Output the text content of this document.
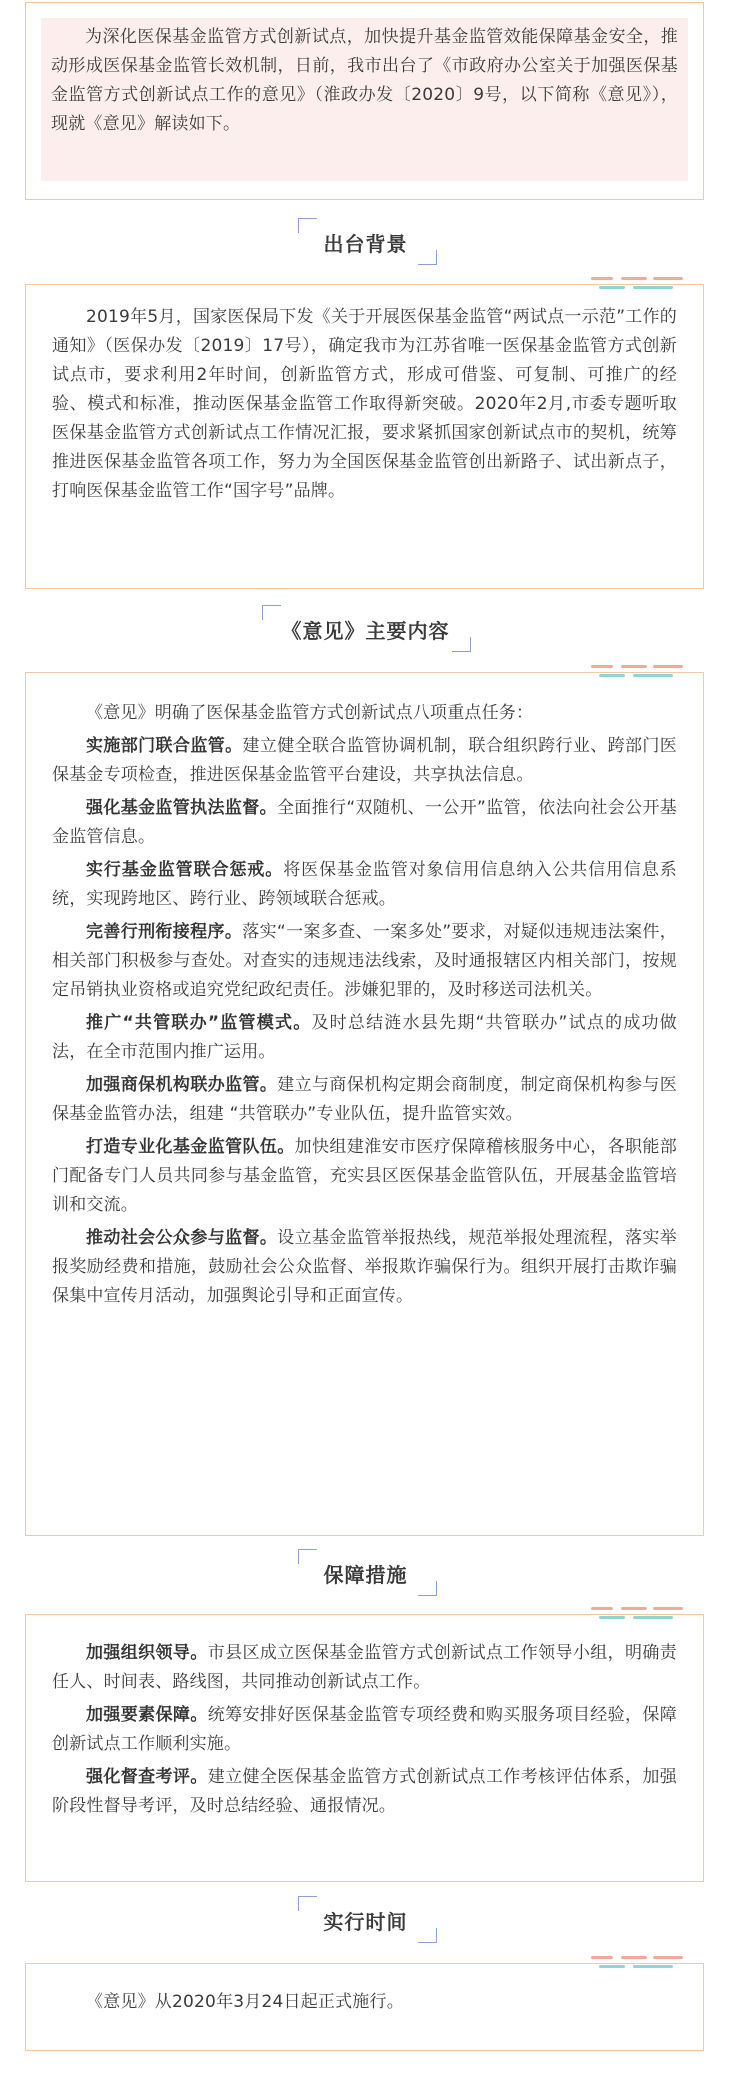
为深化医保基金监管方式创新试点，加快提升基金监管效能保障基金安全，推动形成医保基金监管长效机制，日前，我市出台了《市政府办公室关于加强医保基金监管方式创新试点工作的意见》（淮政办发〔2020〕9号，以下简称《意见》），现就《意见》解读如下。

出台背景

2019年5月，国家医保局下发《关于开展医保基金监管“两试点一示范”工作的通知》（医保办发〔2019〕17号），确定我市为江苏省唯一医保基金监管方式创新试点市，要求利用2年时间，创新监管方式，形成可借鉴、可复制、可推广的经验、模式和标准，推动医保基金监管工作取得新突破。2020年2月,市委专题听取医保基金监管方式创新试点工作情况汇报，要求紧抓国家创新试点市的契机，统筹推进医保基金监管各项工作，努力为全国医保基金监管创出新路子、试出新点子，打响医保基金监管工作“国字号”品牌。

《意见》主要内容

《意见》明确了医保基金监管方式创新试点八项重点任务：

实施部门联合监管。建立健全联合监管协调机制，联合组织跨行业、跨部门医保基金专项检查，推进医保基金监管平台建设，共享执法信息。

强化基金监管执法监督。全面推行“双随机、一公开”监管，依法向社会公开基金监管信息。

实行基金监管联合惩戒。将医保基金监管对象信用信息纳入公共信用信息系统，实现跨地区、跨行业、跨领域联合惩戒。

完善行刑衔接程序。落实“一案多查、一案多处”要求，对疑似违规违法案件，相关部门积极参与查处。对查实的违规违法线索，及时通报辖区内相关部门，按规定吊销执业资格或追究党纪政纪责任。涉嫌犯罪的，及时移送司法机关。

推广“共管联办”监管模式。及时总结涟水县先期“共管联办”试点的成功做法，在全市范围内推广运用。

加强商保机构联办监管。建立与商保机构定期会商制度，制定商保机构参与医保基金监管办法，组建 “共管联办”专业队伍，提升监管实效。

打造专业化基金监管队伍。加快组建淮安市医疗保障稽核服务中心，各职能部门配备专门人员共同参与基金监管，充实县区医保基金监管队伍，开展基金监管培训和交流。

推动社会公众参与监督。设立基金监管举报热线，规范举报处理流程，落实举报奖励经费和措施，鼓励社会公众监督、举报欺诈骗保行为。组织开展打击欺诈骗保集中宣传月活动，加强舆论引导和正面宣传。

保障措施

加强组织领导。市县区成立医保基金监管方式创新试点工作领导小组，明确责任人、时间表、路线图，共同推动创新试点工作。

加强要素保障。统筹安排好医保基金监管专项经费和购买服务项目经验，保障创新试点工作顺利实施。

强化督查考评。建立健全医保基金监管方式创新试点工作考核评估体系，加强阶段性督导考评，及时总结经验、通报情况。

实行时间

《意见》从2020年3月24日起正式施行。
